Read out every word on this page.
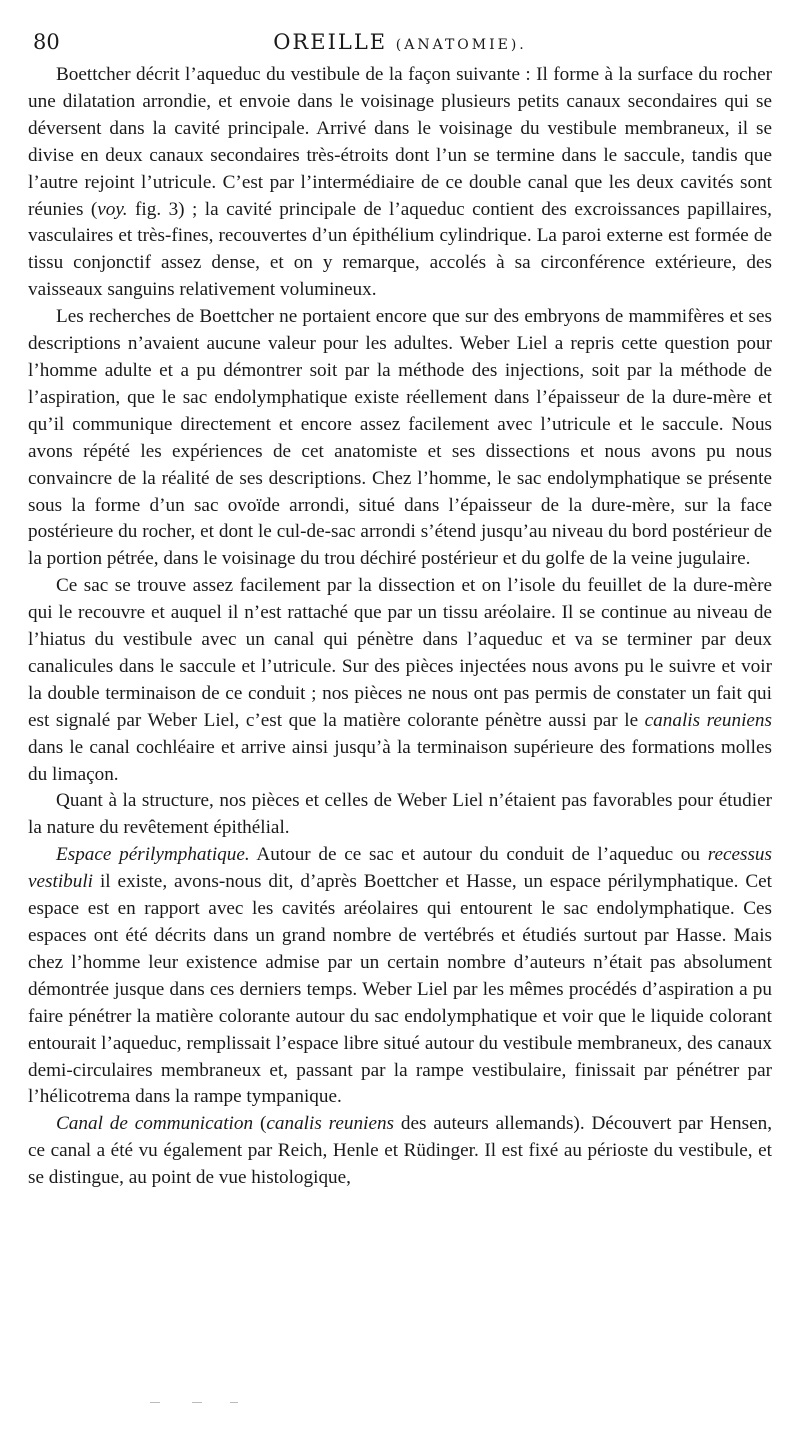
80	OREILLE (ANATOMIE).

Boettcher décrit l’aqueduc du vestibule de la façon suivante : Il forme à la surface du rocher une dilatation arrondie, et envoie dans le voisinage plusieurs petits canaux secondaires qui se déversent dans la cavité principale. Arrivé dans le voisinage du vestibule membraneux, il se divise en deux canaux secondaires très-étroits dont l’un se termine dans le saccule, tandis que l’autre rejoint l’utricule. C’est par l’intermédiaire de ce double canal que les deux cavités sont réunies (voy. fig. 3) ; la cavité principale de l’aqueduc contient des excroissances papillaires, vasculaires et très-fines, recouvertes d’un épithélium cylindrique. La paroi externe est formée de tissu conjonctif assez dense, et on y remarque, accolés à sa circonférence extérieure, des vaisseaux sanguins relativement volumineux.

Les recherches de Boettcher ne portaient encore que sur des embryons de mammifères et ses descriptions n’avaient aucune valeur pour les adultes. Weber Liel a repris cette question pour l’homme adulte et a pu démontrer soit par la méthode des injections, soit par la méthode de l’aspiration, que le sac endolymphatique existe réellement dans l’épaisseur de la dure-mère et qu’il communique directement et encore assez facilement avec l’utricule et le saccule. Nous avons répété les expériences de cet anatomiste et ses dissections et nous avons pu nous convaincre de la réalité de ses descriptions. Chez l’homme, le sac endolymphatique se présente sous la forme d’un sac ovoïde arrondi, situé dans l’épaisseur de la dure-mère, sur la face postérieure du rocher, et dont le cul-de-sac arrondi s’étend jusqu’au niveau du bord postérieur de la portion pétrée, dans le voisinage du trou déchiré postérieur et du golfe de la veine jugulaire.

Ce sac se trouve assez facilement par la dissection et on l’isole du feuillet de la dure-mère qui le recouvre et auquel il n’est rattaché que par un tissu aréolaire. Il se continue au niveau de l’hiatus du vestibule avec un canal qui pénètre dans l’aqueduc et va se terminer par deux canalicules dans le saccule et l’utricule. Sur des pièces injectées nous avons pu le suivre et voir la double terminaison de ce conduit ; nos pièces ne nous ont pas permis de constater un fait qui est signalé par Weber Liel, c’est que la matière colorante pénètre aussi par le canalis reuniens dans le canal cochléaire et arrive ainsi jusqu’à la terminaison supérieure des formations molles du limaçon.

Quant à la structure, nos pièces et celles de Weber Liel n’étaient pas favorables pour étudier la nature du revêtement épithélial.

Espace périlymphatique. Autour de ce sac et autour du conduit de l’aqueduc ou recessus vestibuli il existe, avons-nous dit, d’après Boettcher et Hasse, un espace périlymphatique. Cet espace est en rapport avec les cavités aréolaires qui entourent le sac endolymphatique. Ces espaces ont été décrits dans un grand nombre de vertébrés et étudiés surtout par Hasse. Mais chez l’homme leur existence admise par un certain nombre d’auteurs n’était pas absolument démontrée jusque dans ces derniers temps. Weber Liel par les mêmes procédés d’aspiration a pu faire pénétrer la matière colorante autour du sac endolymphatique et voir que le liquide colorant entourait l’aqueduc, remplissait l’espace libre situé autour du vestibule membraneux, des canaux demi-circulaires membraneux et, passant par la rampe vestibulaire, finissait par pénétrer par l’hélicotrema dans la rampe tympanique.

Canal de communication (canalis reuniens des auteurs allemands). Découvert par Hensen, ce canal a été vu également par Reich, Henle et Rüdinger. Il est fixé au périoste du vestibule, et se distingue, au point de vue histologique,
